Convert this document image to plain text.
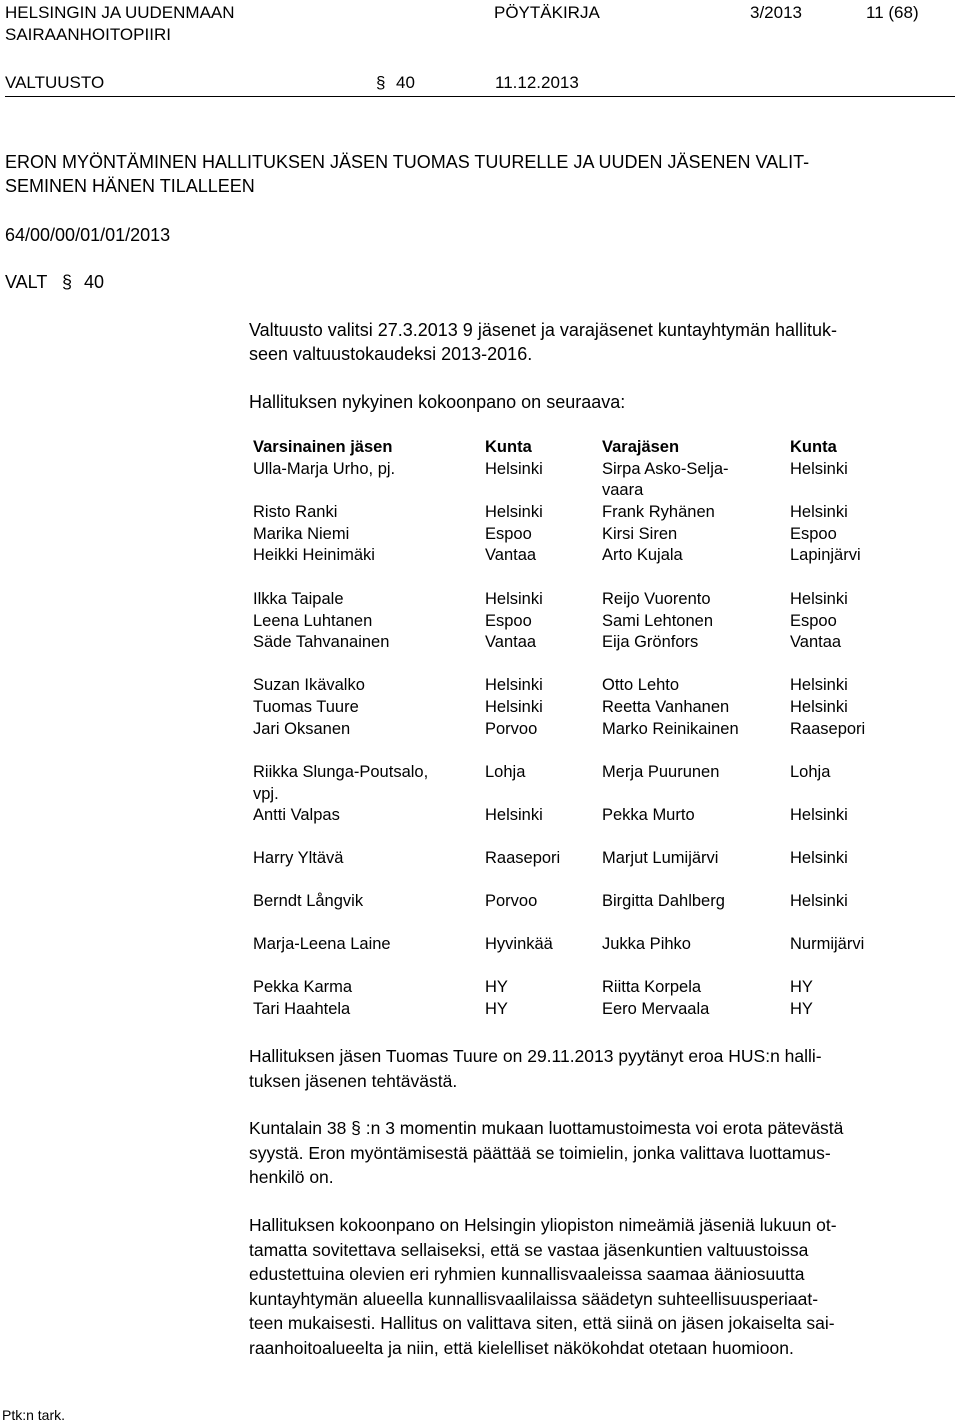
HELSINGIN JA UUDENMAAN
SAIRAANHOITOPIIRI
PÖYTÄKIRJA	3/2013	11 (68)
VALTUUSTO	§ 40	11.12.2013
ERON MYÖNTÄMINEN HALLITUKSEN JÄSEN TUOMAS TUURELLE JA UUDEN JÄSENEN VALIT-
SEMINEN HÄNEN TILALLEEN
64/00/00/01/01/2013
VALT § 40
Valtuusto valitsi 27.3.2013 9 jäsenet ja varajäsenet kuntayhtymän hallituk-
seen valtuustokaudeksi 2013-2016.
Hallituksen nykyinen kokoonpano on seuraava:
Varsinainen jäsen	Kunta	Varajäsen	Kunta
Ulla-Marja Urho, pj.	Helsinki	Sirpa Asko-Selja-	Helsinki
vaara
Risto Ranki	Helsinki	Frank Ryhänen	Helsinki
Marika Niemi	Espoo	Kirsi Siren	Espoo
Heikki Heinimäki	Vantaa	Arto Kujala	Lapinjärvi
Ilkka Taipale	Helsinki	Reijo Vuorento	Helsinki
Leena Luhtanen	Espoo	Sami Lehtonen	Espoo
Säde Tahvanainen	Vantaa	Eija Grönfors	Vantaa
Suzan Ikävalko	Helsinki	Otto Lehto	Helsinki
Tuomas Tuure	Helsinki	Reetta Vanhanen	Helsinki
Jari Oksanen	Porvoo	Marko Reinikainen	Raasepori
Riikka Slunga-Poutsalo,	Lohja	Merja Puurunen	Lohja
vpj.
Antti Valpas	Helsinki	Pekka Murto	Helsinki
Harry Yltävä	Raasepori	Marjut Lumijärvi	Helsinki
Berndt Långvik	Porvoo	Birgitta Dahlberg	Helsinki
Marja-Leena Laine	Hyvinkää	Jukka Pihko	Nurmijärvi
Pekka Karma	HY	Riitta Korpela	HY
Tari Haahtela	HY	Eero Mervaala	HY
Hallituksen jäsen Tuomas Tuure on 29.11.2013 pyytänyt eroa HUS:n halli-
tuksen jäsenen tehtävästä.
Kuntalain 38 § :n 3 momentin mukaan luottamustoimesta voi erota pätevästä
syystä. Eron myöntämisestä päättää se toimielin, jonka valittava luottamus-
henkilö on.
Hallituksen kokoonpano on Helsingin yliopiston nimeämiä jäseniä lukuun ot-
tamatta sovitettava sellaiseksi, että se vastaa jäsenkuntien valtuustoissa
edustettuina olevien eri ryhmien kunnallisvaaleissa saamaa ääniosuutta
kuntayhtymän alueella kunnallisvaalilaissa säädetyn suhteellisuusperiaat-
teen mukaisesti. Hallitus on valittava siten, että siinä on jäsen jokaiselta sai-
raanhoitoalueelta ja niin, että kielelliset näkökohdat otetaan huomioon.
Ptk:n tark.
